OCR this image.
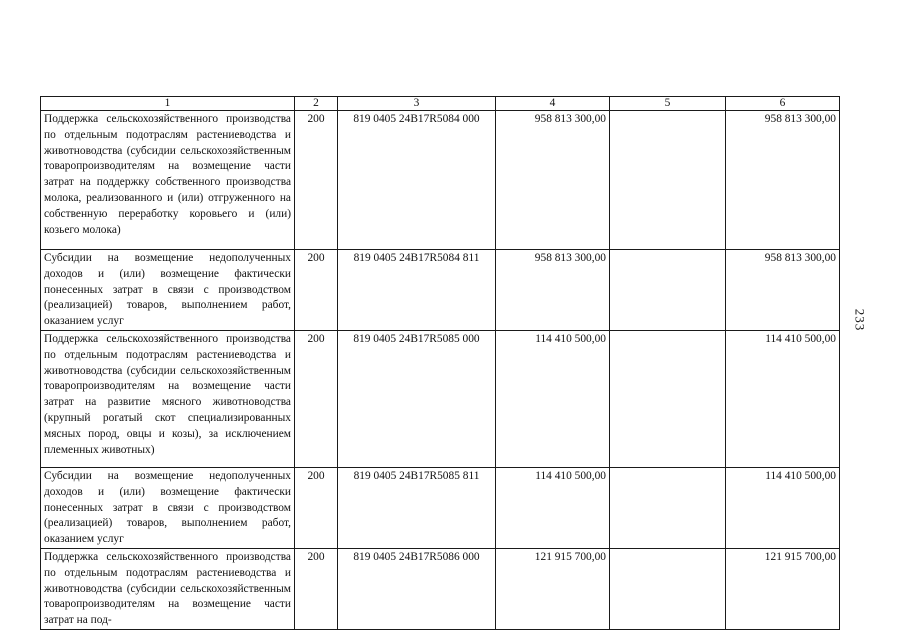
1	2	3	4	5	6
Поддержка сельскохозяйственного производства по отдельным подотраслям растениеводства и животноводства (субсидии сельскохозяйственным товаропроизводителям на возмещение части затрат на поддержку собственного производства молока, реализованного и (или) отгруженного на собственную переработку коровьего и (или) козьего молока)	200	819 0405 24B17R5084 000	958 813 300,00		958 813 300,00
Субсидии на возмещение недополученных доходов и (или) возмещение фактически понесенных затрат в связи с производством (реализацией) товаров, выполнением работ, оказанием услуг	200	819 0405 24B17R5084 811	958 813 300,00		958 813 300,00
Поддержка сельскохозяйственного производства по отдельным подотраслям растениеводства и животноводства (субсидии сельскохозяйственным товаропроизводителям на возмещение части затрат на развитие мясного животноводства (крупный рогатый скот специализированных мясных пород, овцы и козы), за исключением племенных животных)	200	819 0405 24B17R5085 000	114 410 500,00		114 410 500,00
Субсидии на возмещение недополученных доходов и (или) возмещение фактически понесенных затрат в связи с производством (реализацией) товаров, выполнением работ, оказанием услуг	200	819 0405 24B17R5085 811	114 410 500,00		114 410 500,00
Поддержка сельскохозяйственного производства по отдельным подотраслям растениеводства и животноводства (субсидии сельскохозяйственным товаропроизводителям на возмещение части затрат на под-	200	819 0405 24B17R5086 000	121 915 700,00		121 915 700,00
233
